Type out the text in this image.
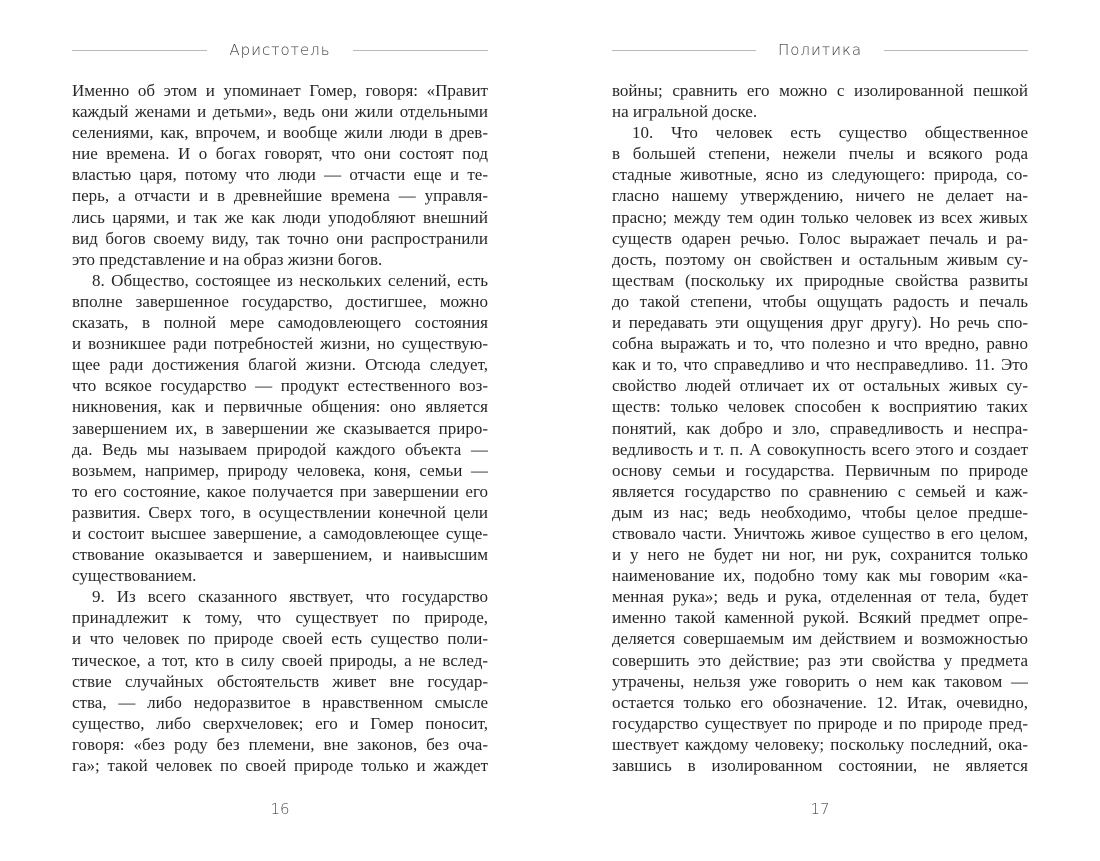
Аристотель
Именно об этом и упоминает Гомер, говоря: «Правит
каждый женами и детьми», ведь они жили отдельными
селениями, как, впрочем, и вообще жили люди в древ-
ние времена. И о богах говорят, что они состоят под
властью царя, потому что люди — отчасти еще и те-
перь, а отчасти и в древнейшие времена — управля-
лись царями, и так же как люди уподобляют внешний
вид богов своему виду, так точно они распространили
это представление и на образ жизни богов.
8. Общество, состоящее из нескольких селений, есть
вполне завершенное государство, достигшее, можно
сказать, в полной мере самодовлеющего состояния
и возникшее ради потребностей жизни, но существую-
щее ради достижения благой жизни. Отсюда следует,
что всякое государство — продукт естественного воз-
никновения, как и первичные общения: оно является
завершением их, в завершении же сказывается приро-
да. Ведь мы называем природой каждого объекта —
возьмем, например, природу человека, коня, семьи —
то его состояние, какое получается при завершении его
развития. Сверх того, в осуществлении конечной цели
и состоит высшее завершение, а самодовлеющее суще-
ствование оказывается и завершением, и наивысшим
существованием.
9. Из всего сказанного явствует, что государство
принадлежит к тому, что существует по природе,
и что человек по природе своей есть существо поли-
тическое, а тот, кто в силу своей природы, а не вслед-
ствие случайных обстоятельств живет вне государ-
ства, — либо недоразвитое в нравственном смысле
существо, либо сверхчеловек; его и Гомер поносит,
говоря: «без роду без племени, вне законов, без оча-
га»; такой человек по своей природе только и жаждет
16
Политика
войны; сравнить его можно с изолированной пешкой
на игральной доске.
10. Что человек есть существо общественное
в большей степени, нежели пчелы и всякого рода
стадные животные, ясно из следующего: природа, со-
гласно нашему утверждению, ничего не делает на-
прасно; между тем один только человек из всех живых
существ одарен речью. Голос выражает печаль и ра-
дость, поэтому он свойствен и остальным живым су-
ществам (поскольку их природные свойства развиты
до такой степени, чтобы ощущать радость и печаль
и передавать эти ощущения друг другу). Но речь спо-
собна выражать и то, что полезно и что вредно, равно
как и то, что справедливо и что несправедливо. 11. Это
свойство людей отличает их от остальных живых су-
ществ: только человек способен к восприятию таких
понятий, как добро и зло, справедливость и неспра-
ведливость и т. п. А совокупность всего этого и создает
основу семьи и государства. Первичным по природе
является государство по сравнению с семьей и каж-
дым из нас; ведь необходимо, чтобы целое предше-
ствовало части. Уничтожь живое существо в его целом,
и у него не будет ни ног, ни рук, сохранится только
наименование их, подобно тому как мы говорим «ка-
менная рука»; ведь и рука, отделенная от тела, будет
именно такой каменной рукой. Всякий предмет опре-
деляется совершаемым им действием и возможностью
совершить это действие; раз эти свойства у предмета
утрачены, нельзя уже говорить о нем как таковом —
остается только его обозначение. 12. Итак, очевидно,
государство существует по природе и по природе пред-
шествует каждому человеку; поскольку последний, ока-
завшись в изолированном состоянии, не является
17
